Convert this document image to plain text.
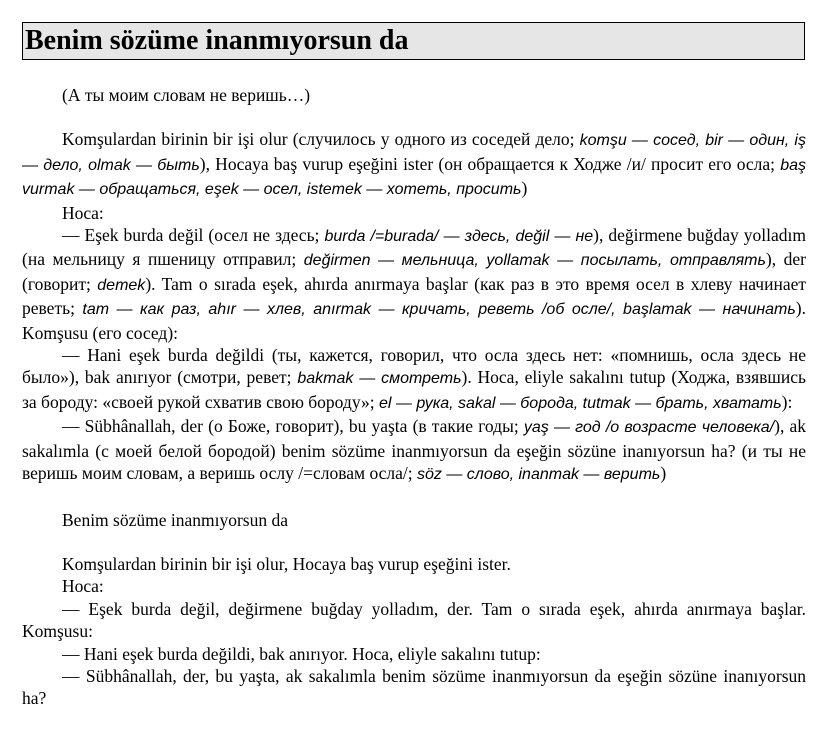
Benim sözüme inanmıyorsun da

(А ты моим словам не веришь…)

Komşulardan birinin bir işi olur (случилось у одного из соседей дело; komşu — сосед, bir — один, iş — дело, olmak — быть), Hocaya baş vurup eşeğini ister (он обращается к Ходже /и/ просит его осла; baş vurmak — обращаться, eşek — осел, istemek — хотеть, просить)

Hoca:

— Eşek burda değil (осел не здесь; burda /=burada/ — здесь, değil — не), değirmene buğday yolladım (на мельницу я пшеницу отправил; değirmen — мельница, yollamak — посылать, отправлять), der (говорит; demek). Tam o sırada eşek, ahırda anırmaya başlar (как раз в это время осел в хлеву начинает реветь; tam — как раз, ahır — хлев, anırmak — кричать, реветь /об осле/, başlamak — начинать). Komşusu (его сосед):

— Hani eşek burda değildi (ты, кажется, говорил, что осла здесь нет: «помнишь, осла здесь не было»), bak anırıyor (смотри, ревет; bakmak — смотреть). Hoca, eliyle sakalını tutup (Ходжа, взявшись за бороду: «своей рукой схватив свою бороду»; el — рука, sakal — борода, tutmak — брать, хватать):

— Sübhânallah, der (о Боже, говорит), bu yaşta (в такие годы; yaş — год /о возрасте человека/), ak sakalımla (с моей белой бородой) benim sözüme inanmıyorsun da eşeğin sözüne inanıyorsun ha? (и ты не веришь моим словам, а веришь ослу /=словам осла/; söz — слово, inanmak — верить)

Benim sözüme inanmıyorsun da

Komşulardan birinin bir işi olur, Hocaya baş vurup eşeğini ister.

Hoca:

— Eşek burda değil, değirmene buğday yolladım, der. Tam o sırada eşek, ahırda anırmaya başlar. Komşusu:

— Hani eşek burda değildi, bak anırıyor. Hoca, eliyle sakalını tutup:

— Sübhânallah, der, bu yaşta, ak sakalımla benim sözüme inanmıyorsun da eşeğin sözüne inanıyorsun ha?
